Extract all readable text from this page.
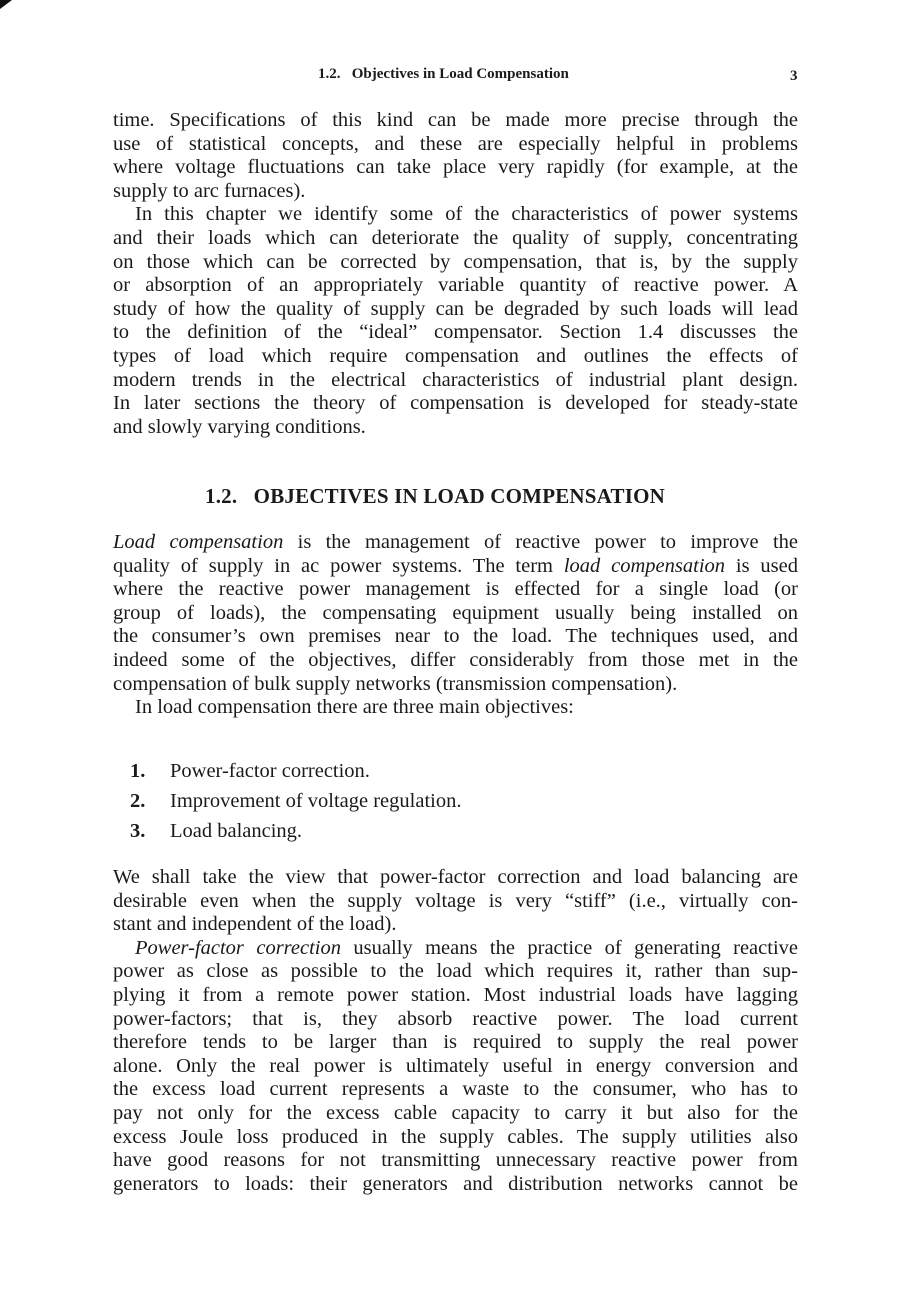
1.2. Objectives in Load Compensation	3
time. Specifications of this kind can be made more precise through the
use of statistical concepts, and these are especially helpful in problems
where voltage fluctuations can take place very rapidly (for example, at the
supply to arc furnaces).
In this chapter we identify some of the characteristics of power systems
and their loads which can deteriorate the quality of supply, concentrating
on those which can be corrected by compensation, that is, by the supply
or absorption of an appropriately variable quantity of reactive power. A
study of how the quality of supply can be degraded by such loads will lead
to the definition of the “ideal” compensator. Section 1.4 discusses the
types of load which require compensation and outlines the effects of
modern trends in the electrical characteristics of industrial plant design.
In later sections the theory of compensation is developed for steady-state
and slowly varying conditions.
1.2. OBJECTIVES IN LOAD COMPENSATION
Load compensation is the management of reactive power to improve the
quality of supply in ac power systems. The term load compensation is used
where the reactive power management is effected for a single load (or
group of loads), the compensating equipment usually being installed on
the consumer’s own premises near to the load. The techniques used, and
indeed some of the objectives, differ considerably from those met in the
compensation of bulk supply networks (transmission compensation).
In load compensation there are three main objectives:
1. Power-factor correction.
2. Improvement of voltage regulation.
3. Load balancing.
We shall take the view that power-factor correction and load balancing are
desirable even when the supply voltage is very “stiff” (i.e., virtually con-
stant and independent of the load).
Power-factor correction usually means the practice of generating reactive
power as close as possible to the load which requires it, rather than sup-
plying it from a remote power station. Most industrial loads have lagging
power-factors; that is, they absorb reactive power. The load current
therefore tends to be larger than is required to supply the real power
alone. Only the real power is ultimately useful in energy conversion and
the excess load current represents a waste to the consumer, who has to
pay not only for the excess cable capacity to carry it but also for the
excess Joule loss produced in the supply cables. The supply utilities also
have good reasons for not transmitting unnecessary reactive power from
generators to loads: their generators and distribution networks cannot be
